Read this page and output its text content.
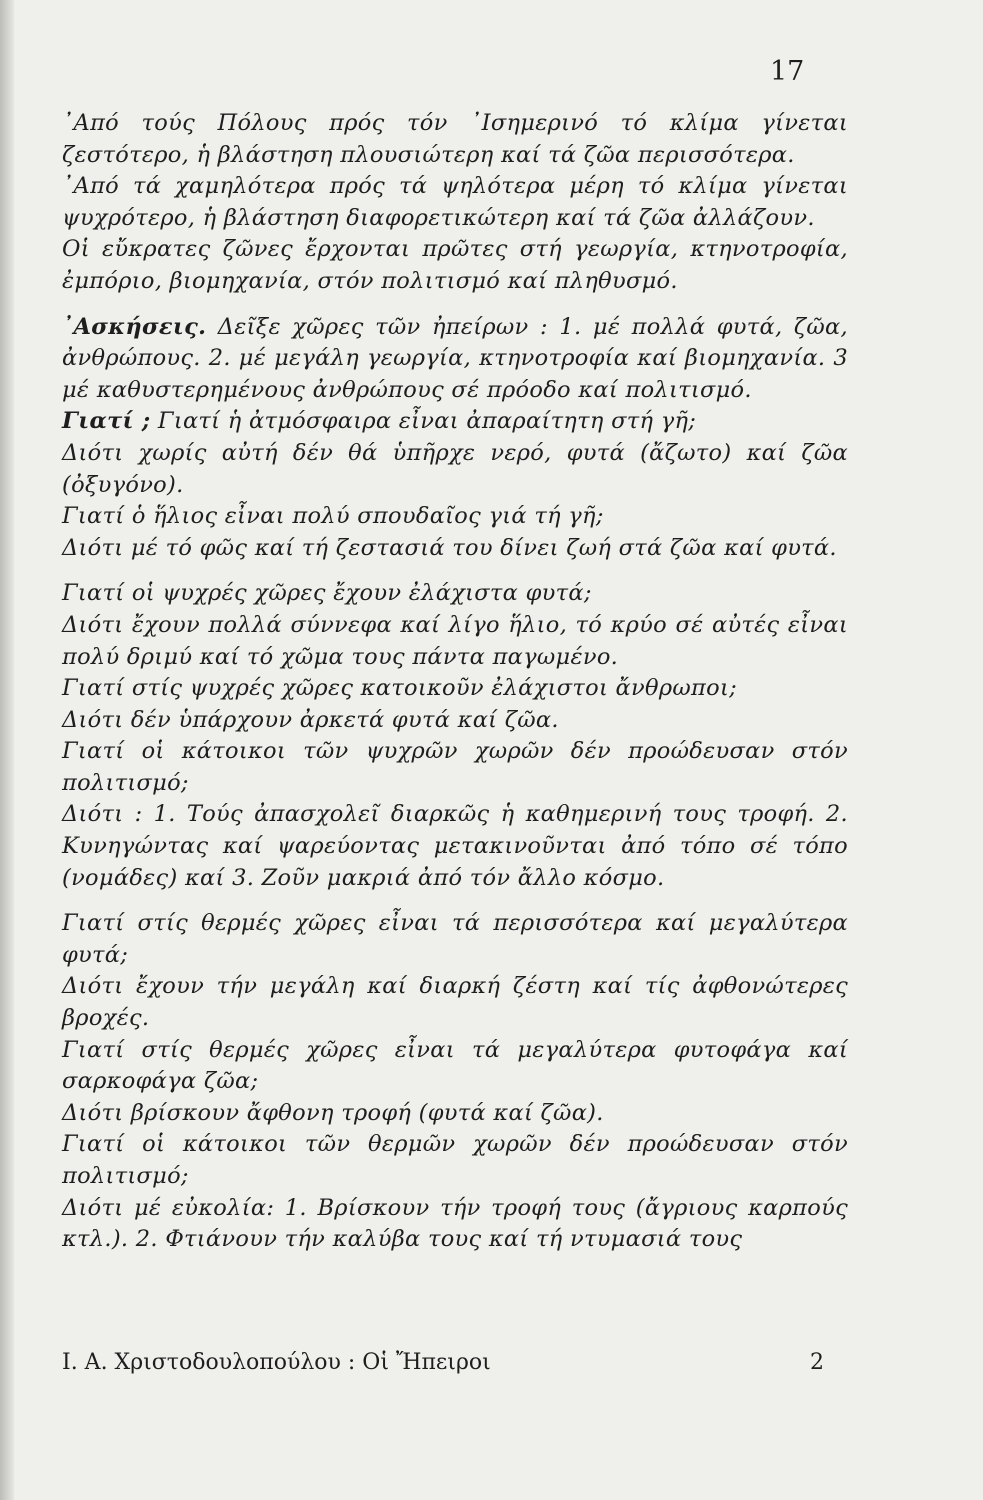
17

᾿Από τούς Πόλους πρός τόν ᾿Ισημερινό τό κλίμα γίνεται ζεστότερο, ἡ βλάστηση πλουσιώτερη καί τά ζῶα περισσότερα.

᾿Από τά χαμηλότερα πρός τά ψηλότερα μέρη τό κλίμα γίνεται ψυχρότερο, ἡ βλάστηση διαφορετικώτερη καί τά ζῶα ἀλλάζουν.

Οἱ εὔκρατες ζῶνες ἔρχονται πρῶτες στή γεωργία, κτηνοτροφία, ἐμπόριο, βιομηχανία, στόν πολιτισμό καί πληθυσμό.

᾿Ασκήσεις. Δεῖξε χῶρες τῶν ἠπείρων : 1. μέ πολλά φυτά, ζῶα, ἀνθρώπους. 2. μέ μεγάλη γεωργία, κτηνοτροφία καί βιομηχανία. 3 μέ καθυστερημένους ἀνθρώπους σέ πρόοδο καί πολιτισμό.

Γιατί ; Γιατί ἡ ἀτμόσφαιρα εἶναι ἀπαραίτητη στή γῆ;

Διότι χωρίς αὐτή δέν θά ὑπῆρχε νερό, φυτά (ἄζωτο) καί ζῶα (ὀξυγόνο).

Γιατί ὁ ἥλιος εἶναι πολύ σπουδαῖος γιά τή γῆ;

Διότι μέ τό φῶς καί τή ζεστασιά του δίνει ζωή στά ζῶα καί φυτά.

Γιατί οἱ ψυχρές χῶρες ἔχουν ἐλάχιστα φυτά;

Διότι ἔχουν πολλά σύννεφα καί λίγο ἥλιο, τό κρύο σέ αὐτές εἶναι πολύ δριμύ καί τό χῶμα τους πάντα παγωμένο.

Γιατί στίς ψυχρές χῶρες κατοικοῦν ἐλάχιστοι ἄνθρωποι;

Διότι δέν ὑπάρχουν ἀρκετά φυτά καί ζῶα.

Γιατί οἱ κάτοικοι τῶν ψυχρῶν χωρῶν δέν προώδευσαν στόν πολιτισμό;

Διότι : 1. Τούς ἀπασχολεῖ διαρκῶς ἡ καθημερινή τους τροφή. 2. Κυνηγώντας καί ψαρεύοντας μετακινοῦνται ἀπό τόπο σέ τόπο (νομάδες) καί 3. Ζοῦν μακριά ἀπό τόν ἄλλο κόσμο.

Γιατί στίς θερμές χῶρες εἶναι τά περισσότερα καί μεγαλύτερα φυτά;

Διότι ἔχουν τήν μεγάλη καί διαρκή ζέστη καί τίς ἀφθονώτερες βροχές.

Γιατί στίς θερμές χῶρες εἶναι τά μεγαλύτερα φυτοφάγα καί σαρκοφάγα ζῶα;

Διότι βρίσκουν ἄφθονη τροφή (φυτά καί ζῶα).

Γιατί οἱ κάτοικοι τῶν θερμῶν χωρῶν δέν προώδευσαν στόν πολιτισμό;

Διότι μέ εὐκολία: 1. Βρίσκουν τήν τροφή τους (ἄγριους καρπούς κτλ.). 2. Φτιάνουν τήν καλύβα τους καί τή ντυμασιά τους

Ι. Α. Χριστοδουλοπούλου : Οἱ Ἤπειροι	2
